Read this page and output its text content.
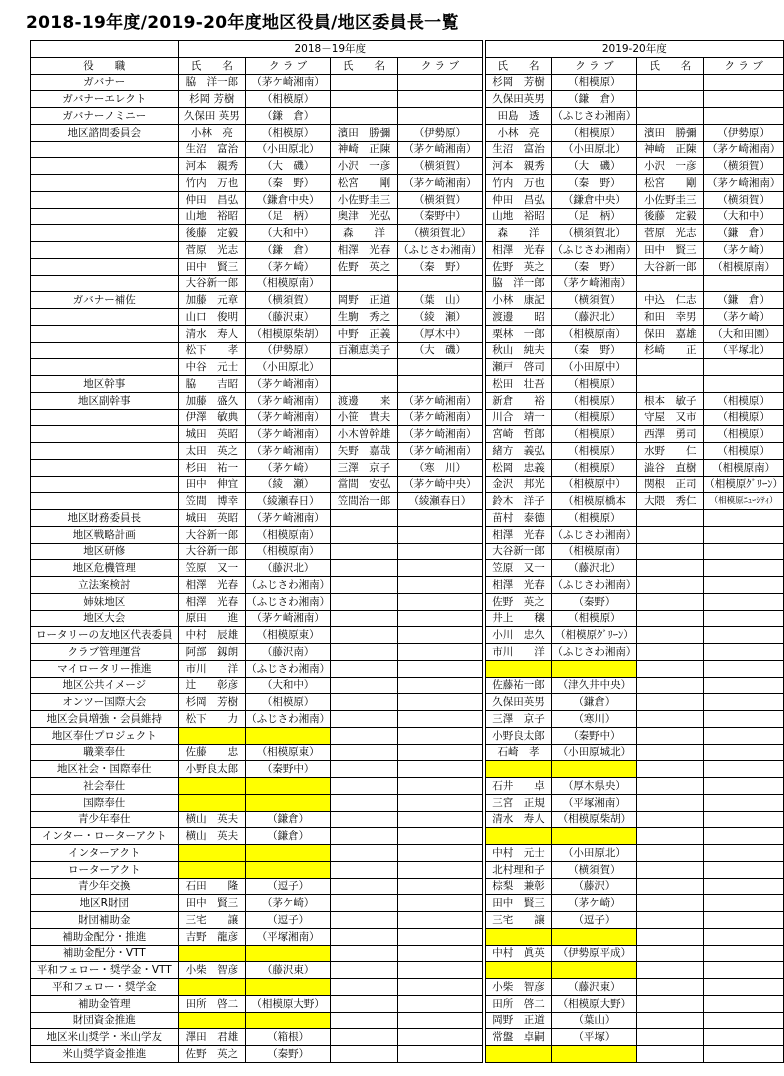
2018-19年度/2019-20年度地区役員/地区委員長一覧
	2018－19年度					2019-20年度			
役　　職	氏　　名	ク ラ ブ	氏　　名	ク ラ ブ		氏　　名	ク ラ ブ	氏　　名	ク ラ ブ
ガバナー	脇　洋一郎	（茅ケ崎湘南）				杉岡　芳樹	（相模原）		
ガバナーエレクト	杉岡 芳樹	（相模原）				久保田英男	（鎌　倉）		
ガバナーノミニー	久保田 英男	（鎌　倉）				田島　透	（ふじさわ湘南）		
地区諮問委員会	小林　亮	（相模原）	濱田　勝彌	（伊勢原）		小林　亮	（相模原）	濱田　勝彌	（伊勢原）
	生沼　富治	（小田原北）	神崎　正陳	（茅ケ崎湘南）		生沼　富治	（小田原北）	神崎　正陳	（茅ケ崎湘南）
	河本　親秀	（大　磯）	小沢　一彦	（横須賀）		河本　親秀	（大　磯）	小沢　一彦	（横須賀）
	竹内　万也	（秦　野）	松宮　　剛	（茅ケ崎湘南）		竹内　万也	（秦　野）	松宮　　剛	（茅ケ崎湘南）
	仲田　昌弘	（鎌倉中央）	小佐野圭三	（横須賀）		仲田　昌弘	（鎌倉中央）	小佐野圭三	（横須賀）
	山地　裕昭	（足　柄）	奥津　光弘	（秦野中）		山地　裕昭	（足　柄）	後藤　定毅	（大和中）
	後藤　定毅	（大和中）	森　　洋	（横須賀北）		森　　洋	（横須賀北）	菅原　光志	（鎌　倉）
	菅原　光志	（鎌　倉）	相澤　光春	（ふじさわ湘南）		相澤　光春	（ふじさわ湘南）	田中　賢三	（茅ケ崎）
	田中　賢三	（茅ケ崎）	佐野　英之	（秦　野）		佐野　英之	（秦　野）	大谷新一郎	（相模原南）
	大谷新一郎	（相模原南）				脇　洋一郎	（茅ケ崎湘南）		
ガバナー補佐	加藤　元章	（横須賀）	岡野　正道	（葉　山）		小林　康記	（横須賀）	中込　仁志	（鎌　倉）
	山口　俊明	（藤沢東）	生駒　秀之	（綾　瀬）		渡邊　　昭	（藤沢北）	和田　幸男	（茅ケ崎）
	清水　寿人	（相模原柴胡）	中野　正義	（厚木中）		栗林　一郎	（相模原南）	保田　嘉雄	（大和田園）
	松下　　孝	（伊勢原）	百瀬恵美子	（大　磯）		秋山　純夫	（秦　野）	杉崎　　正	（平塚北）
	中谷　元士	（小田原北）				瀬戸　啓司	（小田原中）		
地区幹事	脇　　吉昭	（茅ケ崎湘南）				松田　壮吾	（相模原）		
地区副幹事	加藤　盛久	（茅ケ崎湘南）	渡邊　　来	（茅ケ崎湘南）		新倉　　裕	（相模原）	根本　敏子	（相模原）
	伊澤　敏典	（茅ケ崎湘南）	小笹　貴夫	（茅ケ崎湘南）		川合　靖一	（相模原）	守屋　又市	（相模原）
	城田　英昭	（茅ケ崎湘南）	小木曽幹雄	（茅ケ崎湘南）		宮崎　哲郎	（相模原）	西澤　勇司	（相模原）
	太田　英之	（茅ケ崎湘南）	矢野　嘉哉	（茅ケ崎湘南）		緒方　義弘	（相模原）	水野　　仁	（相模原）
	杉田　祐一	（茅ケ崎）	三澤　京子	（寒　川）		松岡　忠義	（相模原）	澁谷　直樹	（相模原南）
	田中　伸宜	（綾　瀬）	當間　安弘	（茅ケ崎中央）		金沢　邦光	（相模原中）	関根　正司	（相模原ｸﾞﾘｰﾝ）
	笠間　博幸	（綾瀬春日）	笠間治一郎	（綾瀬春日）		鈴木　洋子	（相模原橋本	大隈　秀仁	（相模原ﾆｭｰｼﾃｨ）
地区財務委員長	城田　英昭	（茅ケ崎湘南）				苗村　泰德	（相模原）		
地区戦略計画	大谷新一郎	（相模原南）				相澤　光春	（ふじさわ湘南）		
地区研修	大谷新一郎	（相模原南）				大谷新一郎	（相模原南）		
地区危機管理	笠原　又一	（藤沢北）				笠原　又一	（藤沢北）		
立法案検討	相澤　光春	（ふじさわ湘南）				相澤　光春	（ふじさわ湘南）		
姉妹地区	相澤　光春	（ふじさわ湘南）				佐野　英之	（秦野）		
地区大会	原田　　進	（茅ケ崎湘南）				井上　　穣	（相模原）		
ロータリーの友地区代表委員	中村　辰雄	（相模原東）				小川　忠久	（相模原ｸﾞﾘｰﾝ）		
クラブ管理運営	阿部　釼朗	（藤沢南）				市川　　洋	（ふじさわ湘南）		
マイロータリー推進	市川　　洋	（ふじさわ湘南）							
地区公共イメージ	辻　　彰彦	（大和中）				佐藤祐一郎	（津久井中央）		
オンツー国際大会	杉岡　芳樹	（相模原）				久保田英男	（鎌倉）		
地区会員増強・会員維持	松下　　力	（ふじさわ湘南）				三澤　京子	（寒川）		
地区奉仕プロジェクト						小野良太郎	（秦野中）		
職業奉仕	佐藤　　忠	（相模原東）				石崎　孝	（小田原城北）		
地区社会・国際奉仕	小野良太郎	（秦野中）							
社会奉仕						石井　　卓	（厚木県央）		
国際奉仕						三宮　正規	（平塚湘南）		
青少年奉仕	横山　英夫	（鎌倉）				清水　寿人	（相模原柴胡）		
インター・ローターアクト	横山　英夫	（鎌倉）							
インターアクト						中村　元士	（小田原北）		
ローターアクト						北村理和子	（横須賀）		
青少年交換	石田　　隆	（逗子）				棕梨　兼彰	（藤沢）		
地区R財団	田中　賢三	（茅ケ崎）				田中　賢三	（茅ケ崎）		
財団補助金	三宅　　譲	（逗子）				三宅　　譲	（逗子）		
補助金配分・推進	吉野　龍彦	（平塚湘南）							
補助金配分・VTT						中村　眞英	（伊勢原平成）		
平和フェロー・奨学金・VTT	小柴　智彦	（藤沢東）							
平和フェロー・奨学金						小柴　智彦	（藤沢東）		
補助金管理	田所　啓二	（相模原大野）				田所　啓二	（相模原大野）		
財団資金推進						岡野　正道	（葉山）		
地区米山奨学・米山学友	澤田　君雄	（箱根）				常盤　卓嗣	（平塚）		
米山奨学資金推進	佐野　英之	（秦野）							
